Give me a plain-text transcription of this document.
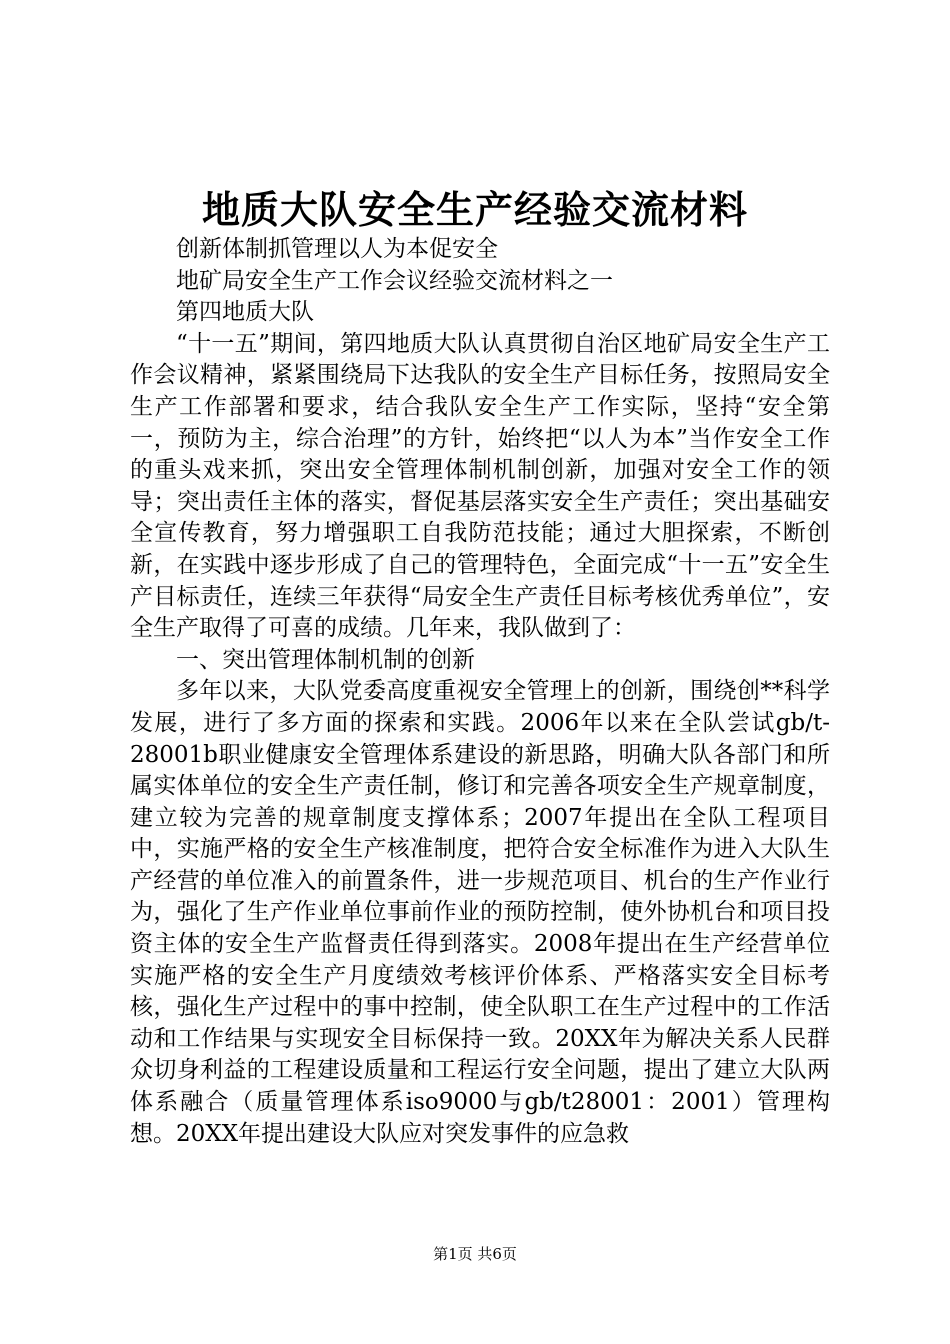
地质大队安全生产经验交流材料

创新体制抓管理以人为本促安全

地矿局安全生产工作会议经验交流材料之一

第四地质大队

“十一五”期间，第四地质大队认真贯彻自治区地矿局安全生产工作会议精神，紧紧围绕局下达我队的安全生产目标任务，按照局安全生产工作部署和要求，结合我队安全生产工作实际，坚持“安全第一，预防为主，综合治理”的方针，始终把“以人为本”当作安全工作的重头戏来抓，突出安全管理体制机制创新，加强对安全工作的领导；突出责任主体的落实，督促基层落实安全生产责任；突出基础安全宣传教育，努力增强职工自我防范技能；通过大胆探索，不断创新，在实践中逐步形成了自己的管理特色，全面完成“十一五”安全生产目标责任，连续三年获得“局安全生产责任目标考核优秀单位”，安全生产取得了可喜的成绩。几年来，我队做到了：

一、突出管理体制机制的创新

多年以来，大队党委高度重视安全管理上的创新，围绕创**科学发展，进行了多方面的探索和实践。2006年以来在全队尝试gb/t-28001b职业健康安全管理体系建设的新思路，明确大队各部门和所属实体单位的安全生产责任制，修订和完善各项安全生产规章制度，建立较为完善的规章制度支撑体系；2007年提出在全队工程项目中，实施严格的安全生产核准制度，把符合安全标准作为进入大队生产经营的单位准入的前置条件，进一步规范项目、机台的生产作业行为，强化了生产作业单位事前作业的预防控制，使外协机台和项目投资主体的安全生产监督责任得到落实。2008年提出在生产经营单位实施严格的安全生产月度绩效考核评价体系、严格落实安全目标考核，强化生产过程中的事中控制，使全队职工在生产过程中的工作活动和工作结果与实现安全目标保持一致。20XX年为解决关系人民群众切身利益的工程建设质量和工程运行安全问题，提出了建立大队两体系融合（质量管理体系iso9000与gb/t28001：2001）管理构想。20XX年提出建设大队应对突发事件的应急救

第1页 共6页
